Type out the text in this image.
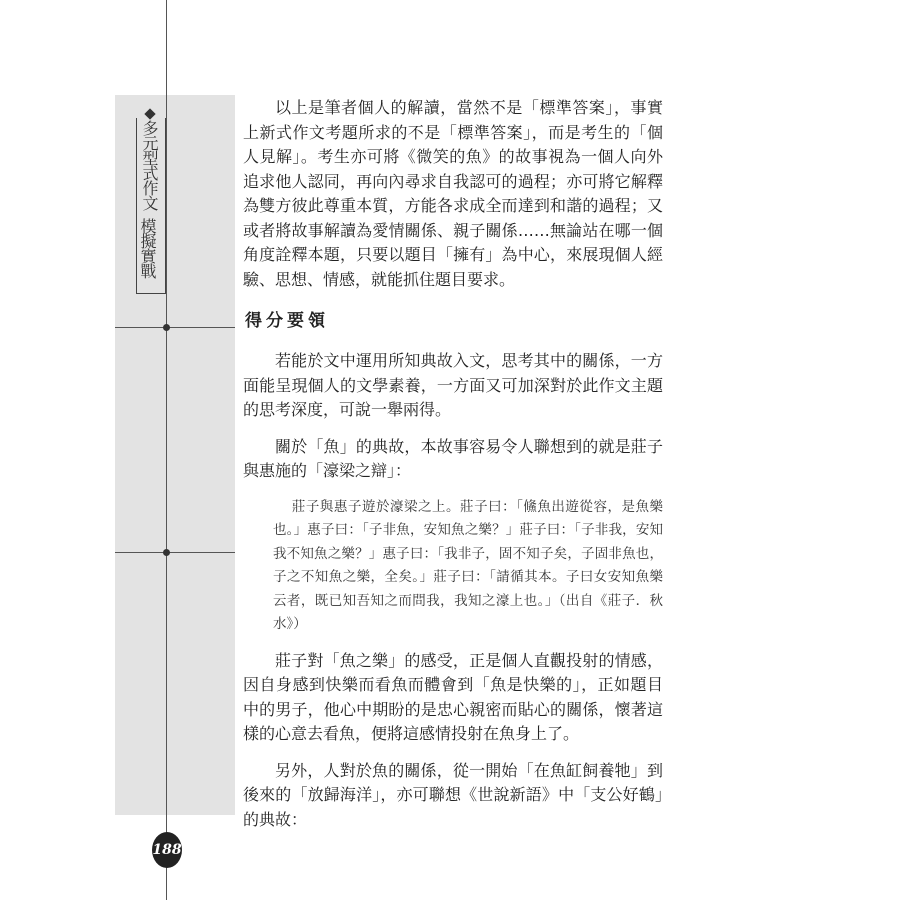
多元型式作文
模擬實戰
188

以上是筆者個人的解讀，當然不是「標準答案」，事實上新式作文考題所求的不是「標準答案」，而是考生的「個人見解」。考生亦可將《微笑的魚》的故事視為一個人向外追求他人認同，再向內尋求自我認可的過程；亦可將它解釋為雙方彼此尊重本質，方能各求成全而達到和諧的過程；又或者將故事解讀為愛情關係、親子關係……無論站在哪一個角度詮釋本題，只要以題目「擁有」為中心，來展現個人經驗、思想、情感，就能抓住題目要求。

得分要領

若能於文中運用所知典故入文，思考其中的關係，一方面能呈現個人的文學素養，一方面又可加深對於此作文主題的思考深度，可說一舉兩得。

關於「魚」的典故，本故事容易令人聯想到的就是莊子與惠施的「濠梁之辯」：

莊子與惠子遊於濠梁之上。莊子曰：「鯈魚出遊從容，是魚樂也。」惠子曰：「子非魚，安知魚之樂？」莊子曰：「子非我，安知我不知魚之樂？」惠子曰：「我非子，固不知子矣，子固非魚也，子之不知魚之樂，全矣。」莊子曰：「請循其本。子曰女安知魚樂云者，既已知吾知之而問我，我知之濠上也。」（出自《莊子．秋水》）

莊子對「魚之樂」的感受，正是個人直觀投射的情感，因自身感到快樂而看魚而體會到「魚是快樂的」，正如題目中的男子，他心中期盼的是忠心親密而貼心的關係，懷著這樣的心意去看魚，便將這感情投射在魚身上了。

另外，人對於魚的關係，從一開始「在魚缸飼養牠」到後來的「放歸海洋」，亦可聯想《世說新語》中「支公好鶴」的典故：
